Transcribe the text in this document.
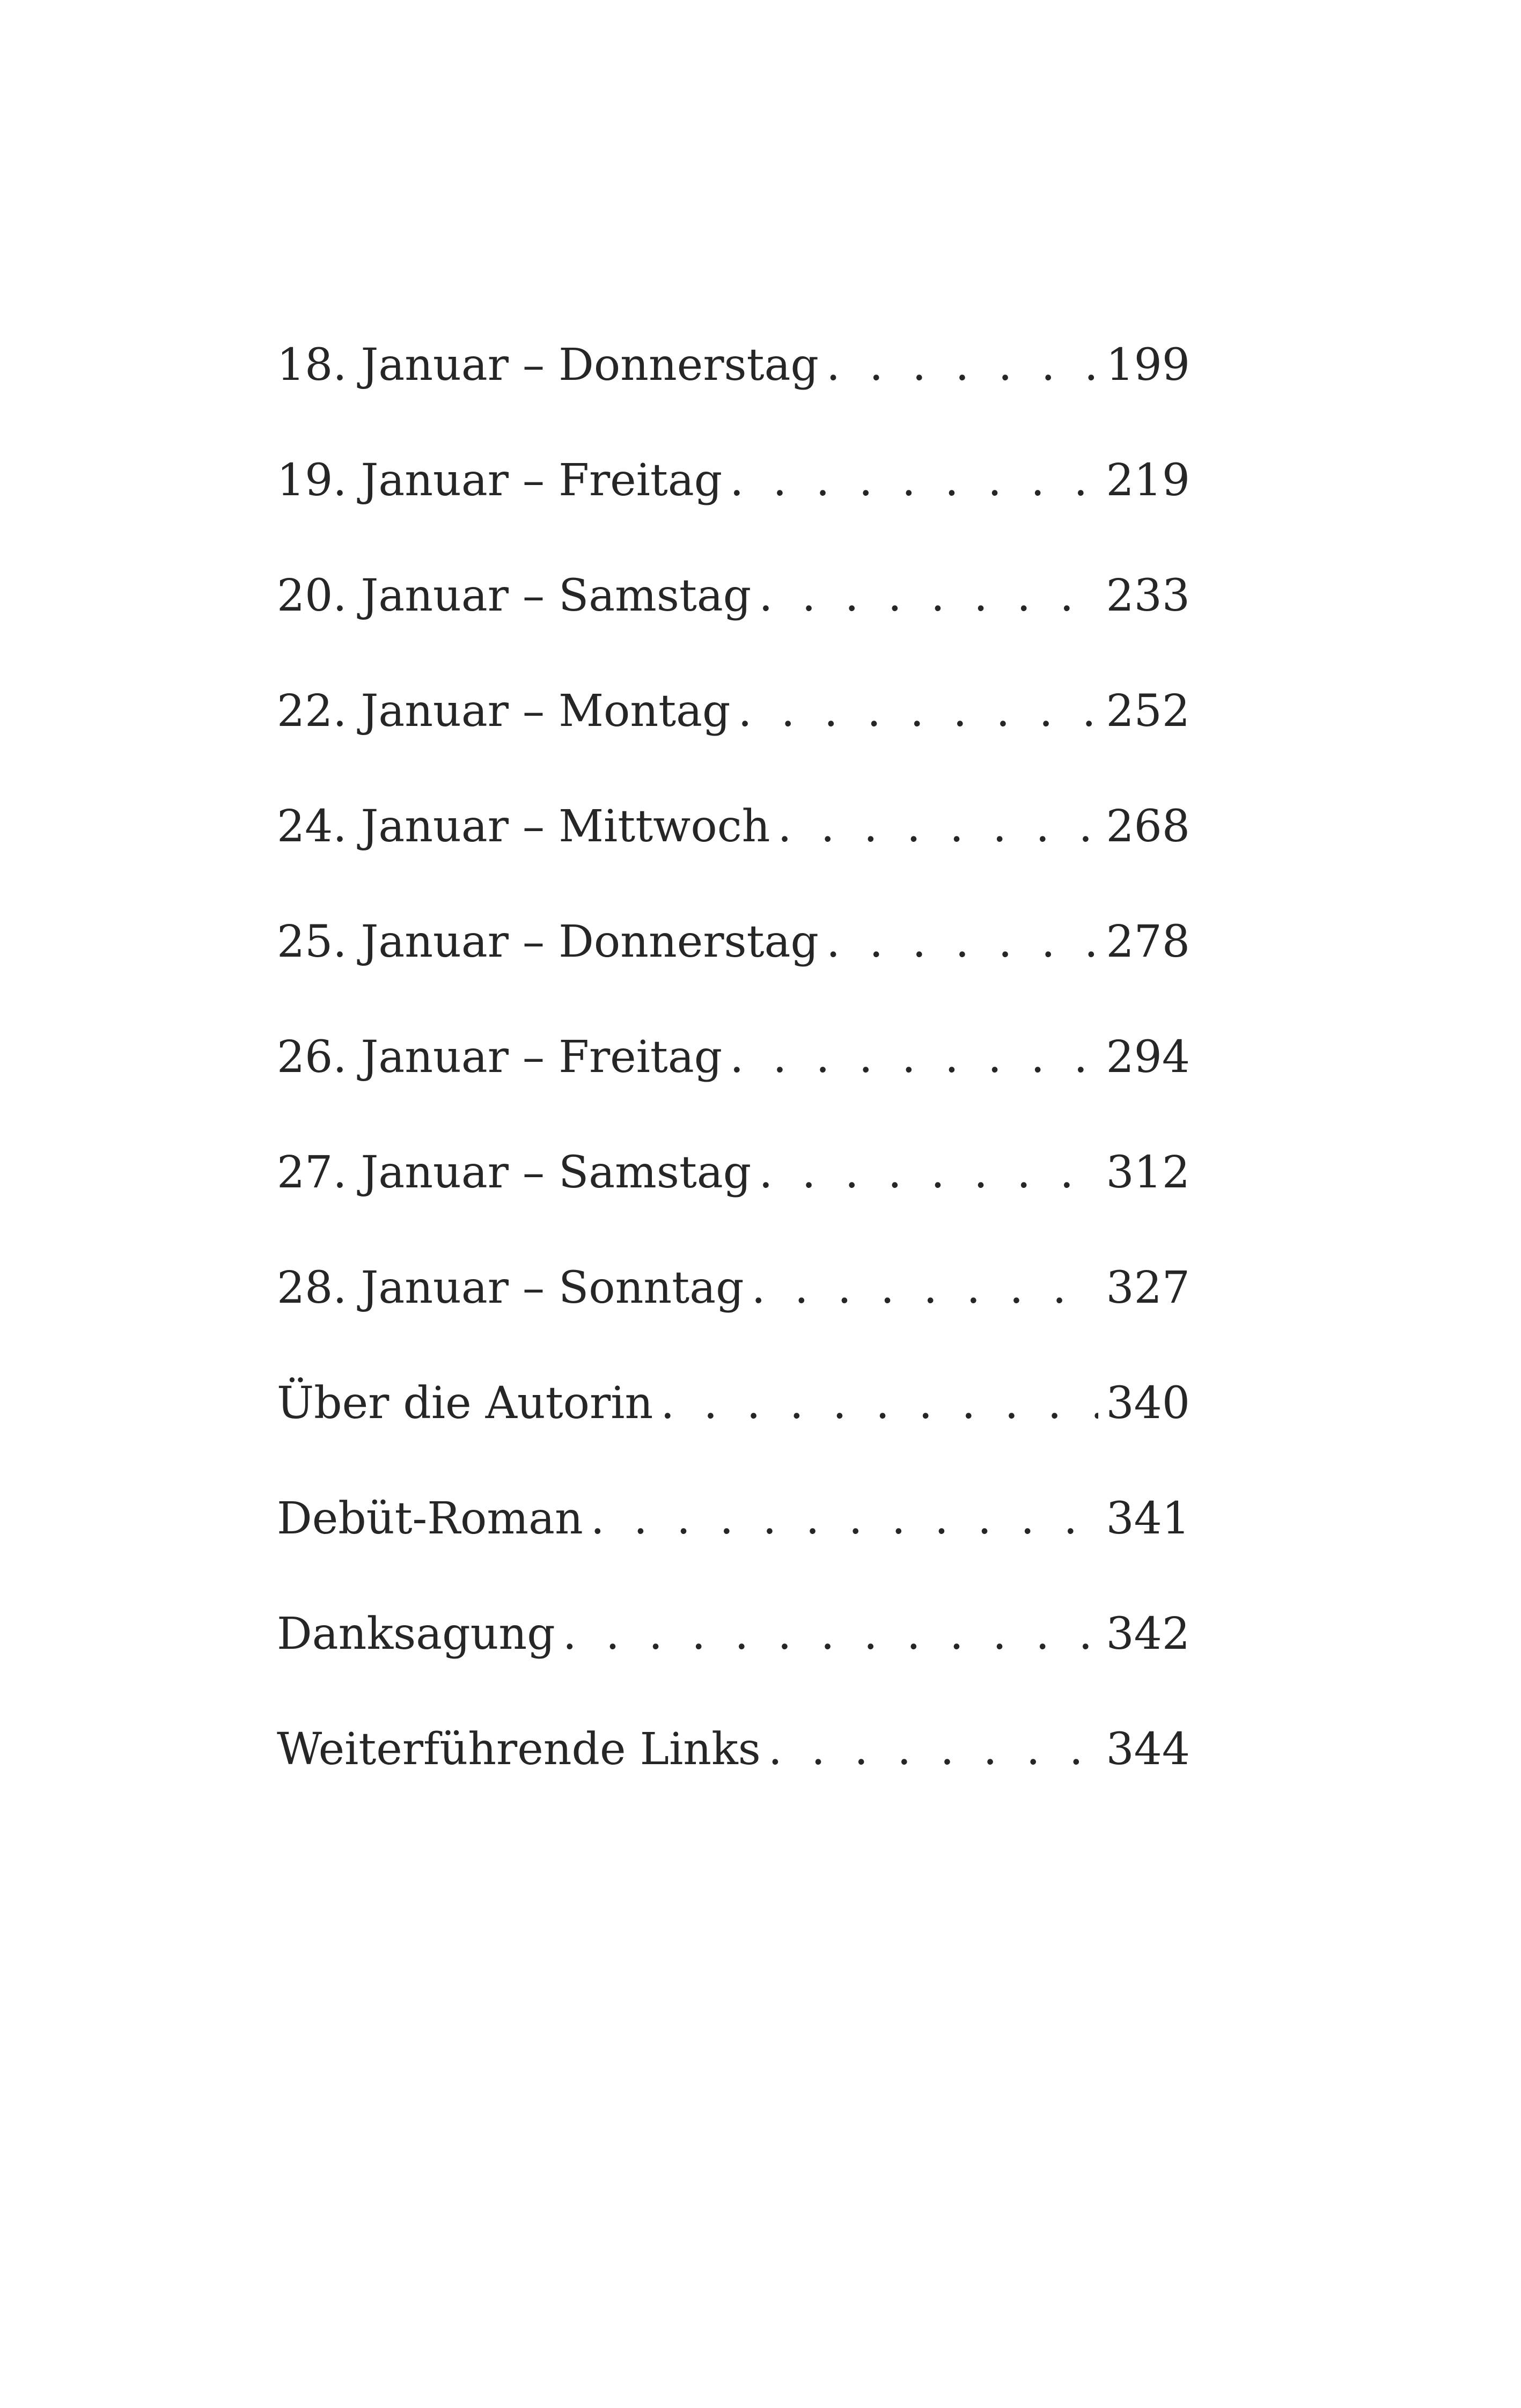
18. Januar – Donnerstag . . .	199
19. Januar – Freitag . . .	219
20. Januar – Samstag . . .	233
22. Januar – Montag . . .	252
24. Januar – Mittwoch . . .	268
25. Januar – Donnerstag . . .	278
26. Januar – Freitag . . .	294
27. Januar – Samstag . . .	312
28. Januar – Sonntag . . .	327
Über die Autorin . . .	340
Debüt-Roman . . .	341
Danksagung . . .	342
Weiterführende Links . . .	344
